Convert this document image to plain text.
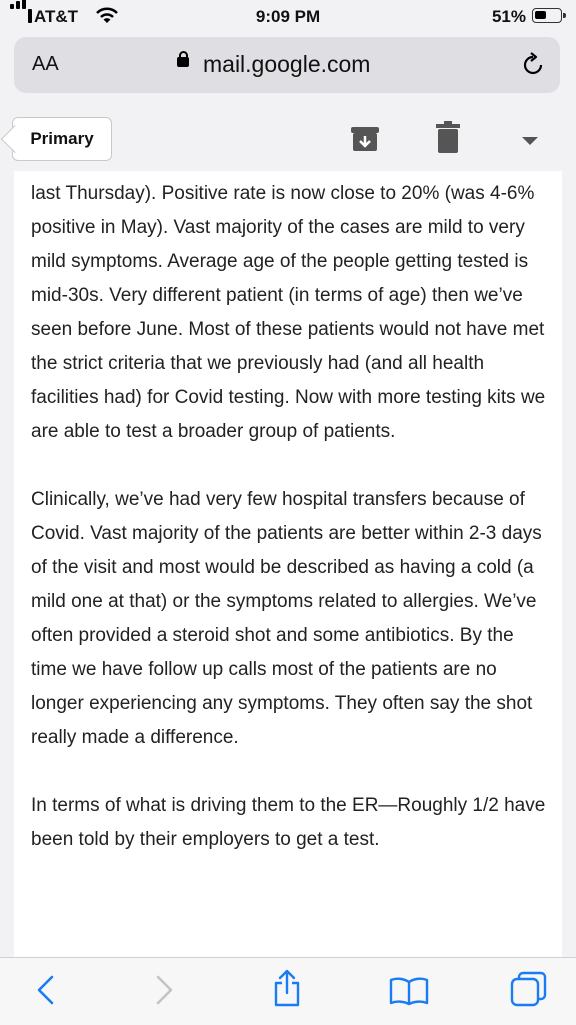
AT&T	9:09 PM	51%
AA	mail.google.com
Primary

last Thursday). Positive rate is now close to 20% (was 4-6% positive in May). Vast majority of the cases are mild to very mild symptoms. Average age of the people getting tested is mid-30s. Very different patient (in terms of age) then we’ve seen before June. Most of these patients would not have met the strict criteria that we previously had (and all health facilities had) for Covid testing. Now with more testing kits we are able to test a broader group of patients.

Clinically, we’ve had very few hospital transfers because of Covid. Vast majority of the patients are better within 2-3 days of the visit and most would be described as having a cold (a mild one at that) or the symptoms related to allergies. We’ve often provided a steroid shot and some antibiotics. By the time we have follow up calls most of the patients are no longer experiencing any symptoms. They often say the shot really made a difference.

In terms of what is driving them to the ER—Roughly 1/2 have been told by their employers to get a test.
